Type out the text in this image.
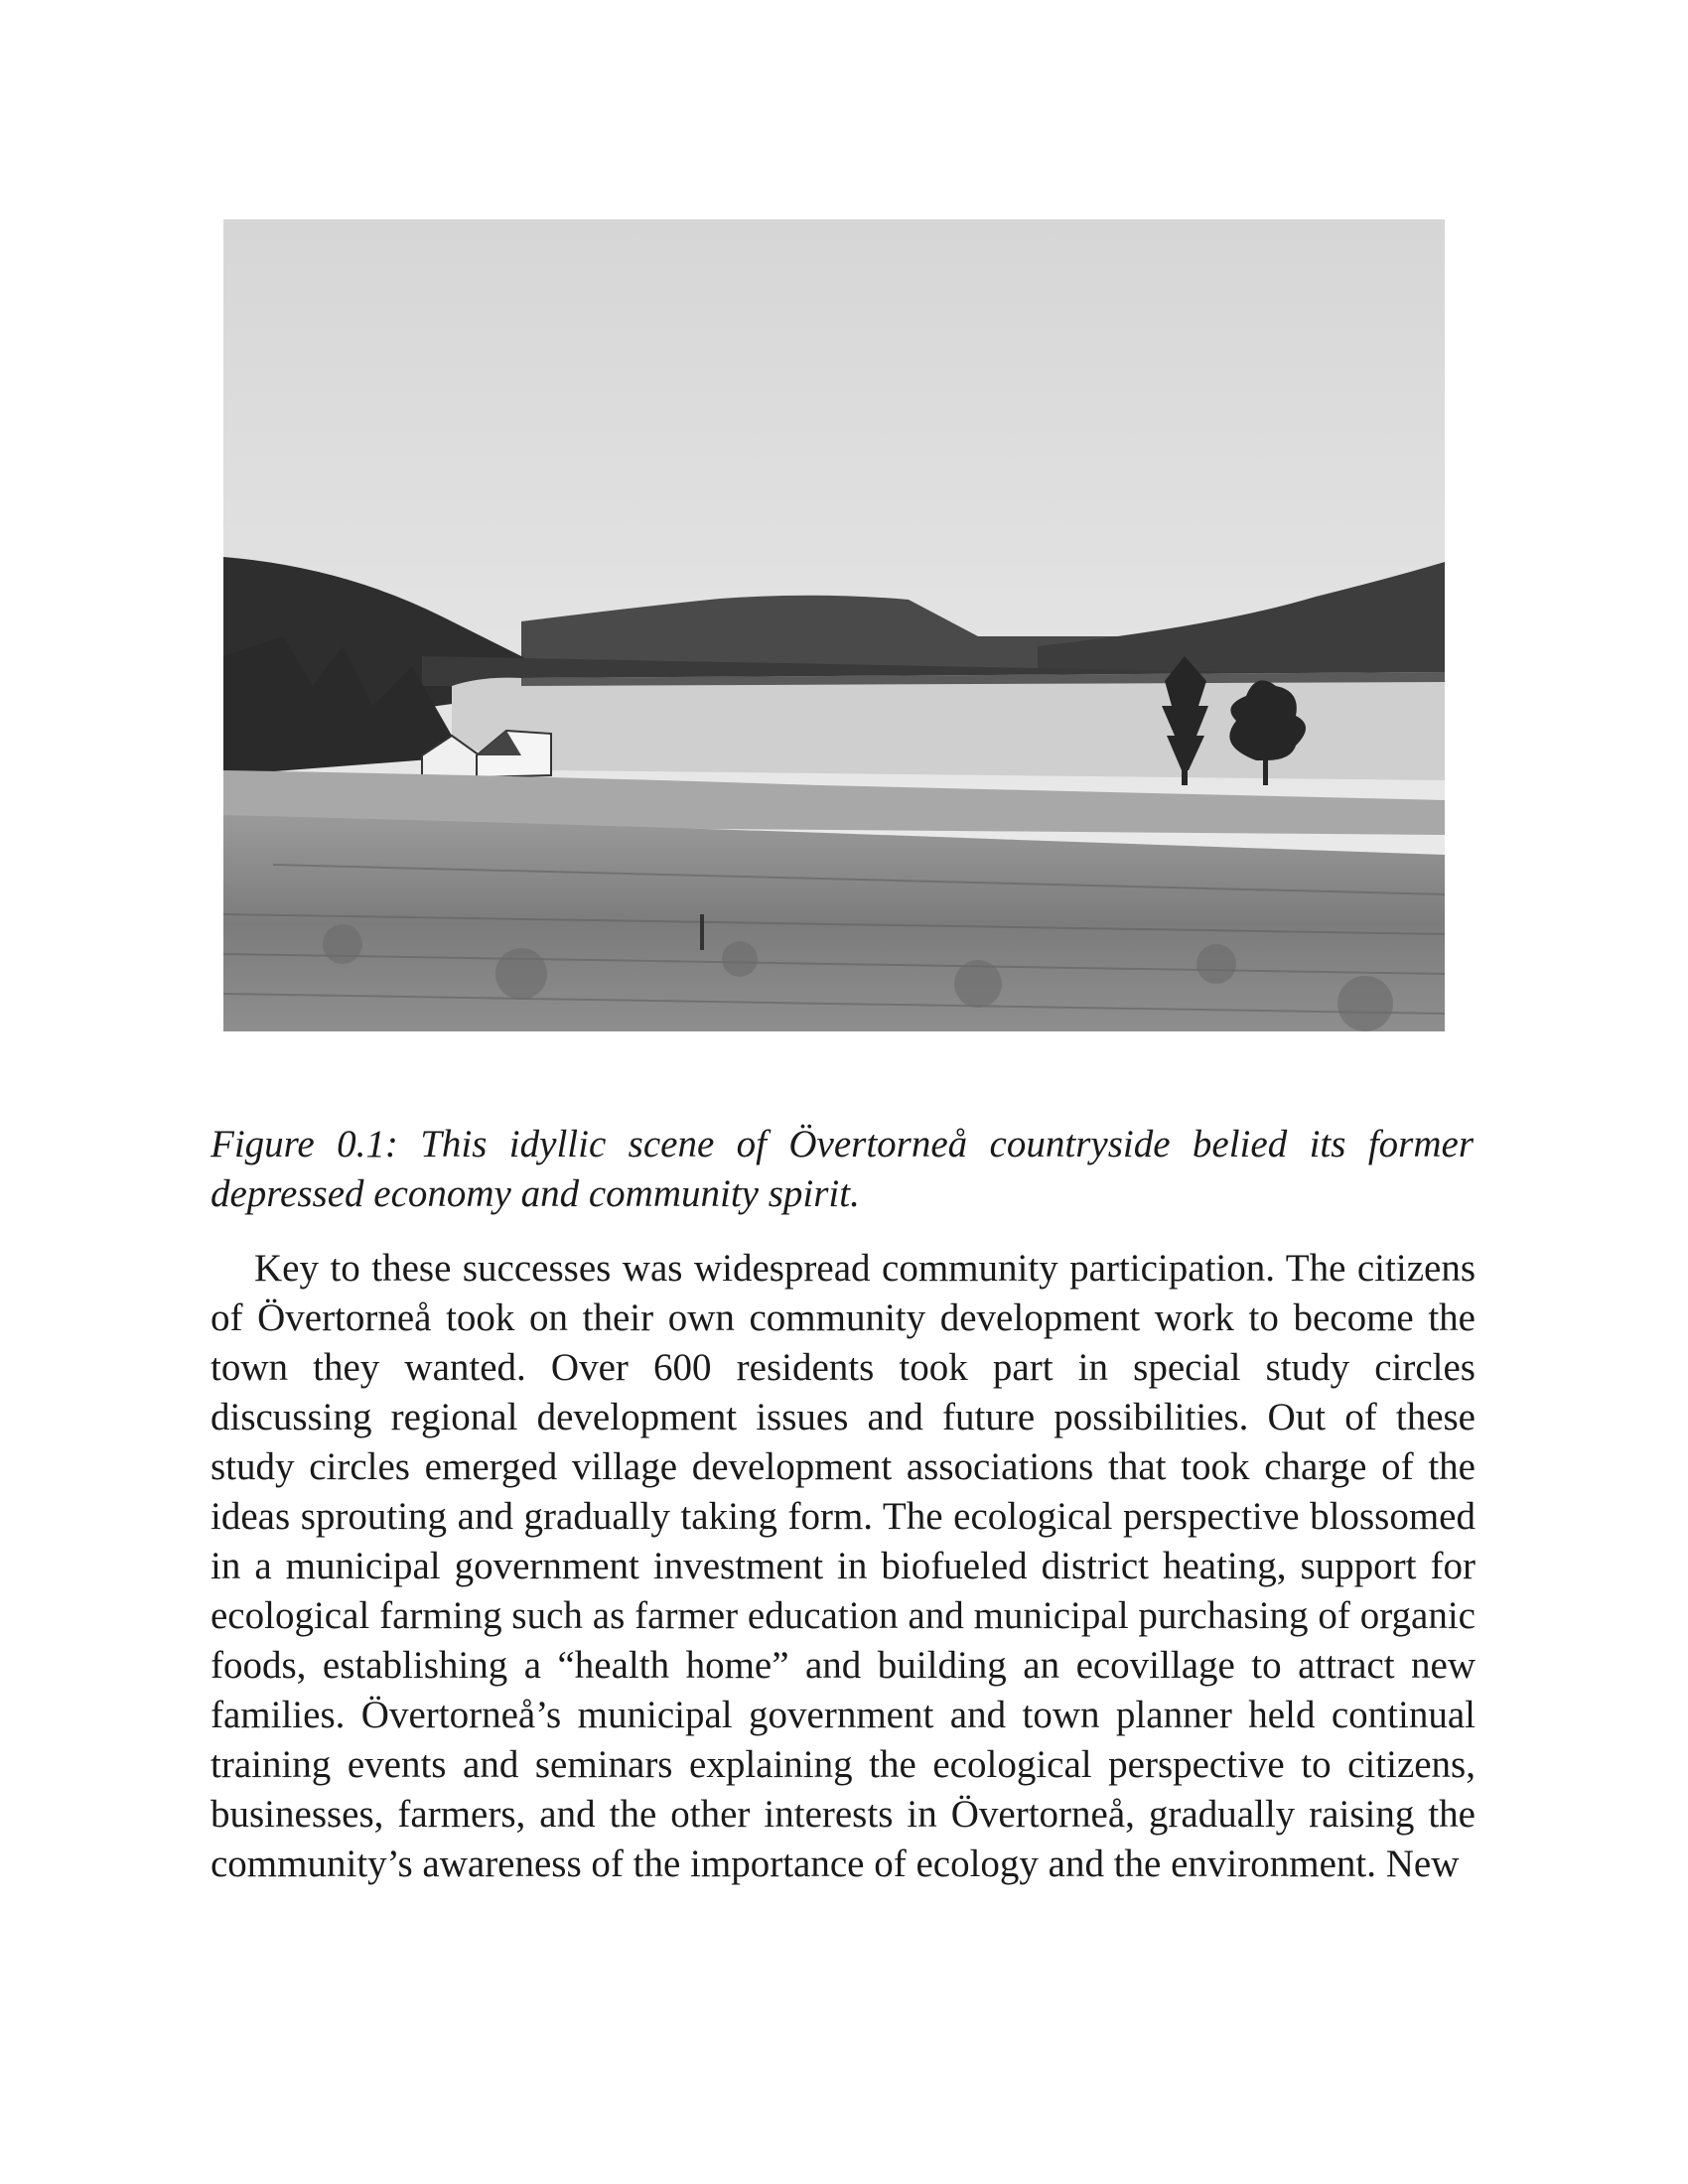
Figure 0.1: This idyllic scene of Övertorneå countryside belied its former depressed economy and community spirit.

Key to these successes was widespread community participation. The citizens of Övertorneå took on their own community development work to become the town they wanted. Over 600 residents took part in special study circles discussing regional development issues and future possibilities. Out of these study circles emerged village development associations that took charge of the ideas sprouting and gradually taking form. The ecological perspective blossomed in a municipal government investment in biofueled district heating, support for ecological farming such as farmer education and municipal purchasing of organic foods, establishing a “health home” and building an ecovillage to attract new families. Övertorneå’s municipal government and town planner held continual training events and seminars explaining the ecological perspective to citizens, businesses, farmers, and the other interests in Övertorneå, gradually raising the community’s awareness of the importance of ecology and the environment. New
